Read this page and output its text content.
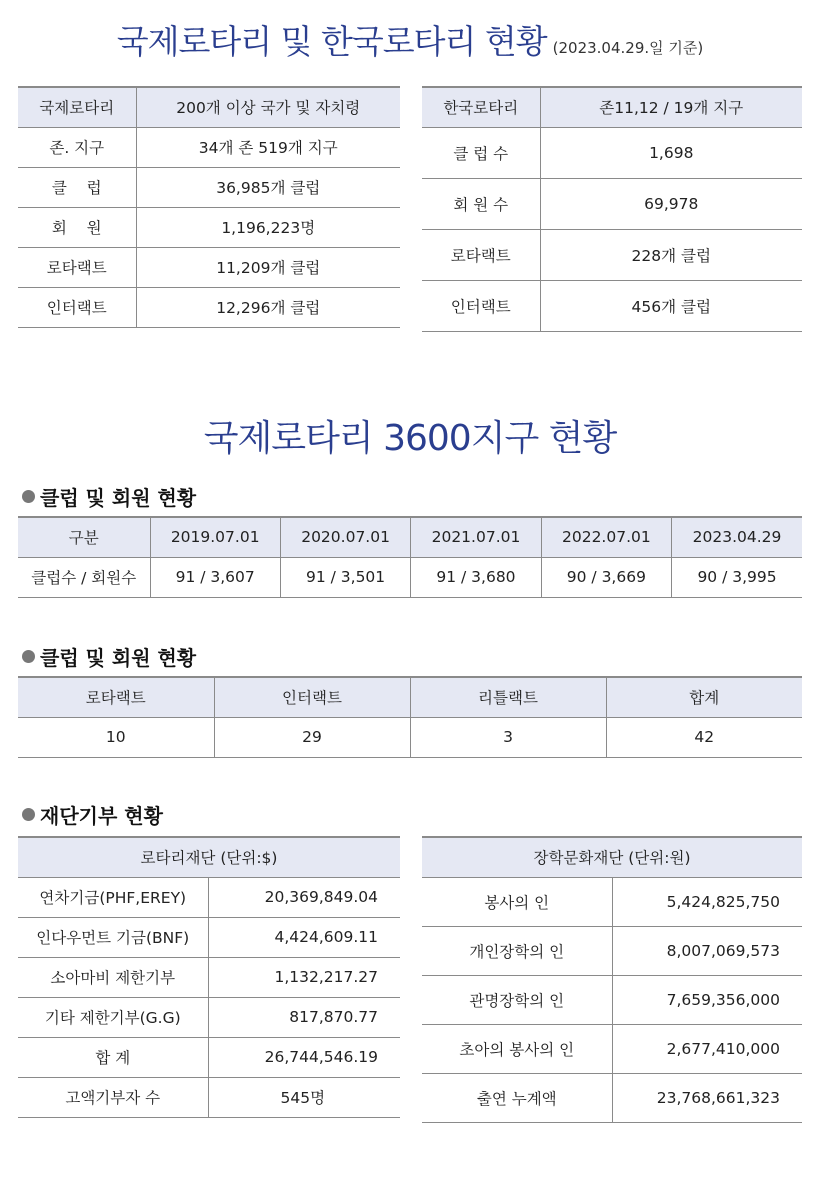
국제로타리 및 한국로타리 현황 (2023.04.29.일 기준)
국제로타리	200개 이상 국가 및 자치령
존. 지구	34개 존 519개 지구
클    럽	36,985개 클럽
회    원	1,196,223명
로타랙트	11,209개 클럽
인터랙트	12,296개 클럽
한국로타리	존11,12 / 19개 지구
클 럽 수	1,698
회 원 수	69,978
로타랙트	228개 클럽
인터랙트	456개 클럽
국제로타리 3600지구 현황
클럽 및 회원 현황
구분	2019.07.01	2020.07.01	2021.07.01	2022.07.01	2023.04.29
클럽수 / 회원수	91 / 3,607	91 / 3,501	91 / 3,680	90 / 3,669	90 / 3,995
클럽 및 회원 현황
로타랙트	인터랙트	리틀랙트	합계
10	29	3	42
재단기부 현황
로타리재단 (단위:$)	
연차기금(PHF,EREY)	20,369,849.04
인다우먼트 기금(BNF)	4,424,609.11
소아마비 제한기부	1,132,217.27
기타 제한기부(G.G)	817,870.77
합 계	26,744,546.19
고액기부자 수	545명
장학문화재단 (단위:원)	
봉사의 인	5,424,825,750
개인장학의 인	8,007,069,573
관명장학의 인	7,659,356,000
초아의 봉사의 인	2,677,410,000
출연 누계액	23,768,661,323
